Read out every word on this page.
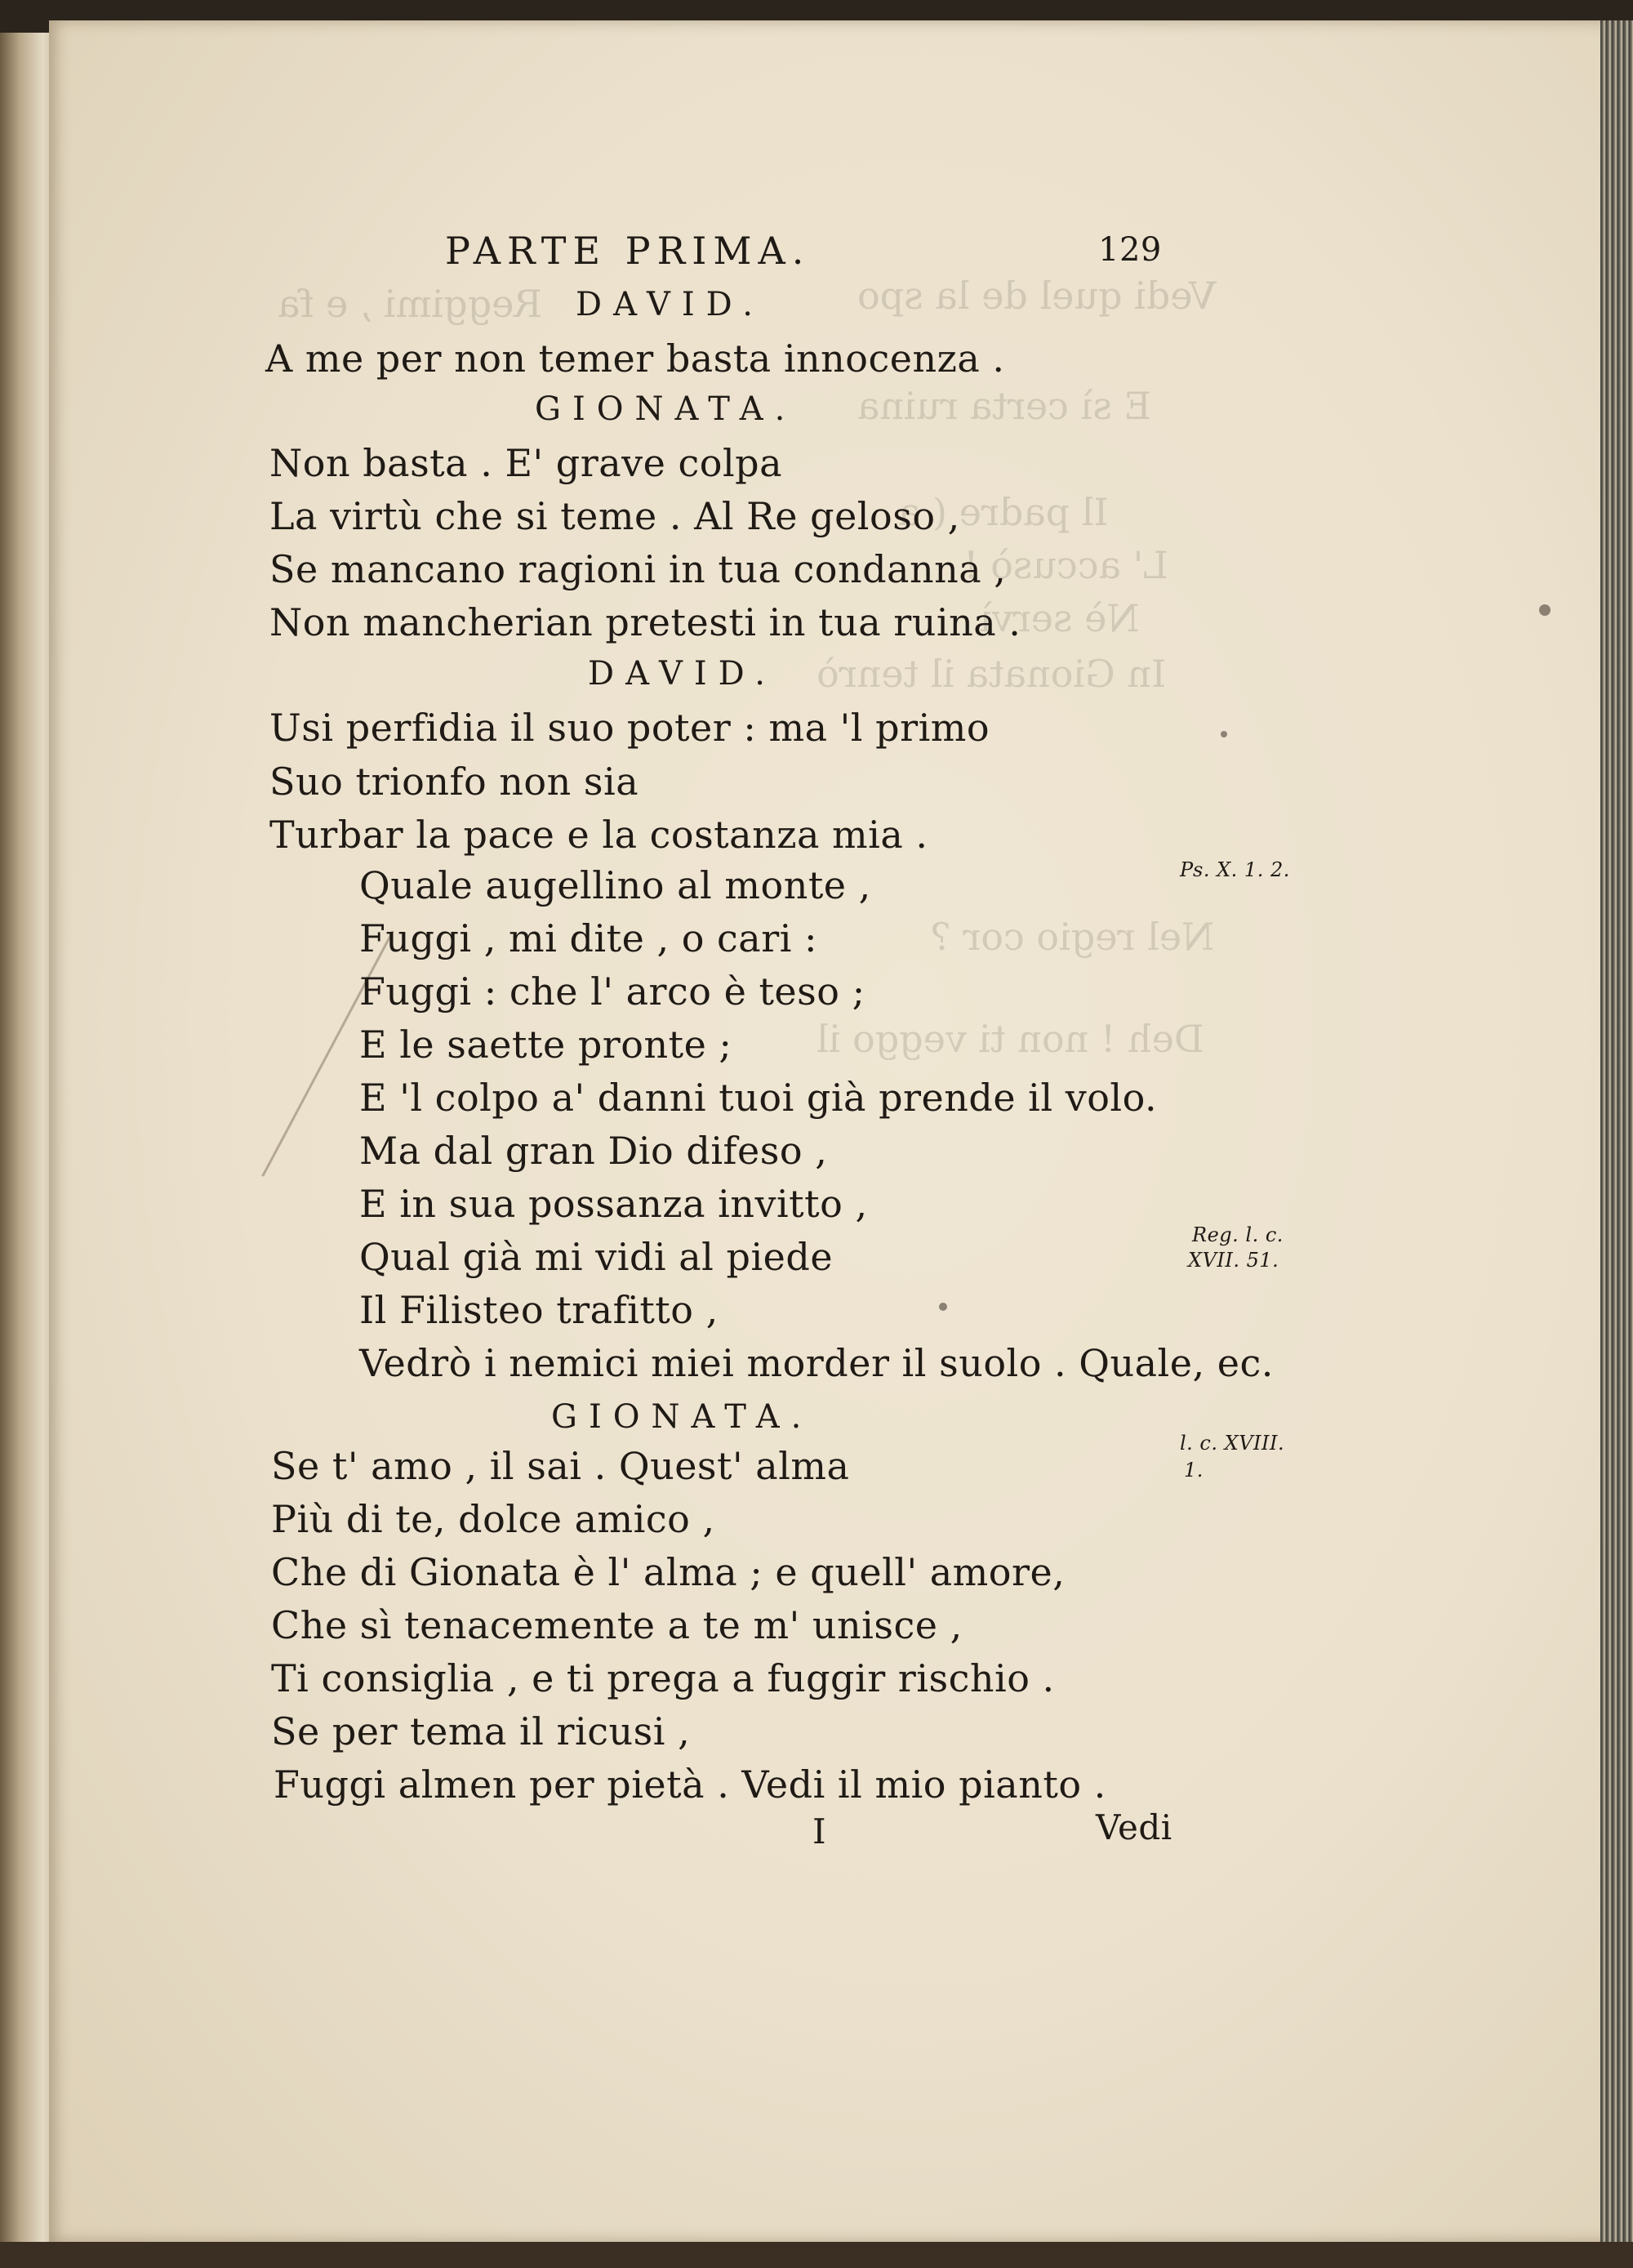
Vedi quel de la spo
Reggimi , e fa
E sì certa ruina
Il padre ( a
L' accusò !
Nè servì
In Gionata il tenrò
Nel regio cor ?
Deh ! non ti veggo il
PARTE PRIMA.	129
DAVID.
A me per non temer basta innocenza .
GIONATA.
Non basta . E' grave colpa
La virtù che si teme . Al Re geloso ,
Se mancano ragioni in tua condanna ,
Non mancherian pretesti in tua ruina .
DAVID.
Usi perfidia il suo poter : ma 'l primo
Suo trionfo non sia
Turbar la pace e la costanza mia .
Quale augellino al monte ,
Fuggi , mi dite , o cari :
Fuggi : che l' arco è teso ;
E le saette pronte ;
E 'l colpo a' danni tuoi già prende il volo.
Ma dal gran Dio difeso ,
E in sua possanza invitto ,
Qual già mi vidi al piede
Il Filisteo trafitto ,
Vedrò i nemici miei morder il suolo . Quale, ec.
GIONATA.
Se t' amo , il sai . Quest' alma
Più di te, dolce amico ,
Che di Gionata è l' alma ; e quell' amore,
Che sì tenacemente a te m' unisce ,
Ti consiglia , e ti prega a fuggir rischio .
Se per tema il ricusi ,
Fuggi almen per pietà . Vedi il mio pianto .
Ps. X. 1. 2.
Reg. l. c.
XVII. 51.
l. c. XVIII.
1.
I	Vedi
